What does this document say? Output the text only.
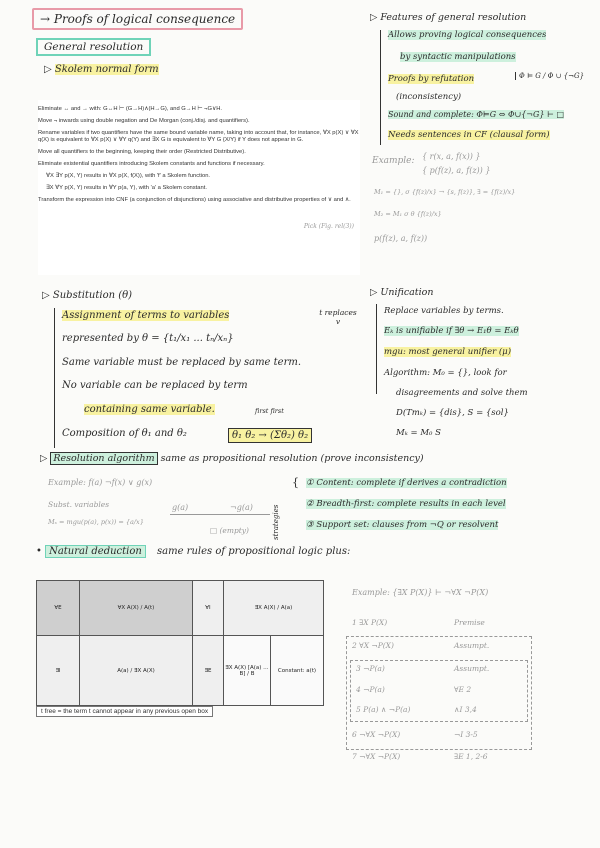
→ Proofs of logical consequence
General resolution
▷ Skolem normal form

Eliminate ↔ and → with: G↔H ⊢ (G→H)∧(H→G), and G→H ⊢ ¬G∨H.

Move ¬ inwards using double negation and De Morgan (conj./disj. and quantifiers).

Rename variables if two quantifiers have the same bound variable name, taking into account that, for instance, ∀X p(X) ∨ ∀X q(X) is equivalent to ∀X p(X) ∨ ∀Y q(Y) and ∃X G is equivalent to ∀Y G {X/Y} if Y does not appear in G.

Move all quantifiers to the beginning, keeping their order (Restricted Distributive).

Eliminate existential quantifiers introducing Skolem constants and functions if necessary.

∀X ∃Y p(X, Y) results in ∀X p(X, f(X)), with 'f' a Skolem function.

∃X ∀Y p(X, Y) results in ∀Y p(a, Y), with 'a' a Skolem constant.

Transform the expression into CNF (a conjunction of disjunctions) using associative and distributive properties of ∨ and ∧.

Pick (Fig. rel(3))
▷ Substitution (θ)
Assignment of terms to variables
represented by θ = {t₁/x₁ ... tₙ/xₙ}
t replaces v
Same variable must be replaced by same term.
No variable can be replaced by term
containing same variable.	first first
Composition of θ₁ and θ₂	θ₁ θ₂ → (Σθ₂) θ₂
▷ Resolution algorithm same as propositional resolution (prove inconsistency)
Example: f(a) ¬f(x) ∨ g(x)
Subst. variables
Mₓ = mgu(p(a), p(x)) = {a/x}
g(a)	¬g(a)
□ (empty)	strategies
{ ① Content: complete if derives a contradiction
② Breadth-first: complete results in each level
③ Support set: clauses from ¬Q or resolvent
• Natural deduction same rules of propositional logic plus:
∀E	∀X A(X) / A(t)	∀I	∃X A(X) / A(a)	
∃I	A(a) / ∃X A(X)	∃E	∃X A(X) [A(a) … B] / B	Constant: a(t)
t free = the term t cannot appear in any previous open box
▷ Features of general resolution
Allows proving logical consequences
by syntactic manipulations
Proofs by refutation
(inconsistency)
Φ ⊨ G / Φ ∪ {¬G}
Sound and complete: Φ⊨G ⇔ Φ∪{¬G} ⊢ □
Needs sentences in CF (clausal form)
Example: { r(x, a, f(x)) }
{ p(f(z), a, f(z)) }
M₁ = {}, σ {f(z)/x} → {s, f(z)}, ∃ = {f(z)/x}
M₂ = M₁ σ θ {f(z)/x}
p(f(z), a, f(z))
▷ Unification
Replace variables by terms.
Eₖ is unifiable if ∃θ → E₁θ = Eₖθ
mgu: most general unifier (μ)
Algorithm: M₀ = {}, look for
disagreements and solve them
D(Tmₖ) = {dis}, S = {sol}
Mₖ = M₀ S
Example: {∃X P(X)} ⊢ ¬∀X ¬P(X)
1 ∃X P(X)	Premise
2 ∀X ¬P(X)	Assumpt.
3 ¬P(a)	Assumpt.
4 ¬P(a)	∀E 2
5 P(a) ∧ ¬P(a)	∧I 3,4
6 ¬∀X ¬P(X)	¬I 3-5
7 ¬∀X ¬P(X)	∃E 1, 2-6
